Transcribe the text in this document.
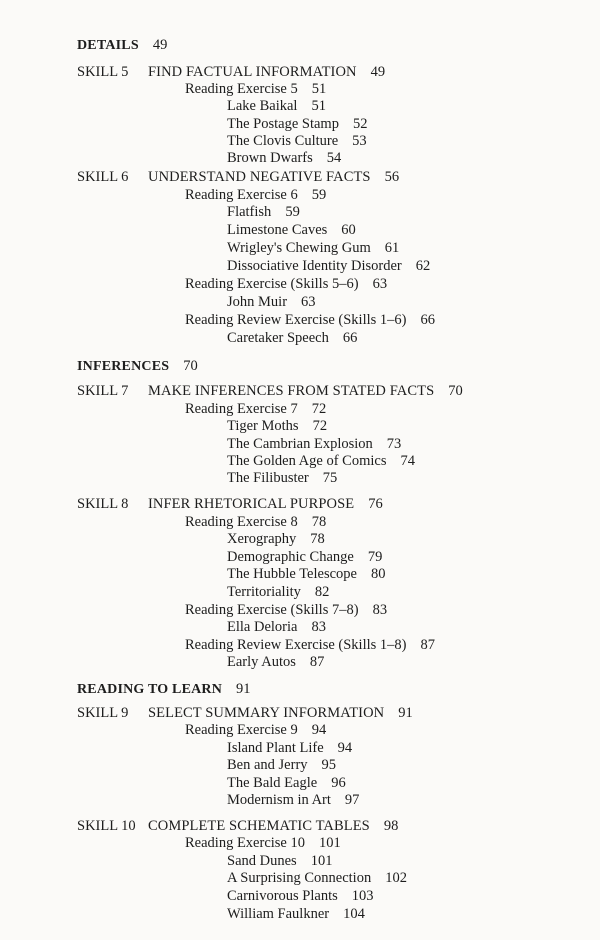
DETAILS 49
SKILL 5 FIND FACTUAL INFORMATION 49
Reading Exercise 5 51
Lake Baikal 51
The Postage Stamp 52
The Clovis Culture 53
Brown Dwarfs 54
SKILL 6 UNDERSTAND NEGATIVE FACTS 56
Reading Exercise 6 59
Flatfish 59
Limestone Caves 60
Wrigley's Chewing Gum 61
Dissociative Identity Disorder 62
Reading Exercise (Skills 5–6) 63
John Muir 63
Reading Review Exercise (Skills 1–6) 66
Caretaker Speech 66
INFERENCES 70
SKILL 7 MAKE INFERENCES FROM STATED FACTS 70
Reading Exercise 7 72
Tiger Moths 72
The Cambrian Explosion 73
The Golden Age of Comics 74
The Filibuster 75
SKILL 8 INFER RHETORICAL PURPOSE 76
Reading Exercise 8 78
Xerography 78
Demographic Change 79
The Hubble Telescope 80
Territoriality 82
Reading Exercise (Skills 7–8) 83
Ella Deloria 83
Reading Review Exercise (Skills 1–8) 87
Early Autos 87
READING TO LEARN 91
SKILL 9 SELECT SUMMARY INFORMATION 91
Reading Exercise 9 94
Island Plant Life 94
Ben and Jerry 95
The Bald Eagle 96
Modernism in Art 97
SKILL 10 COMPLETE SCHEMATIC TABLES 98
Reading Exercise 10 101
Sand Dunes 101
A Surprising Connection 102
Carnivorous Plants 103
William Faulkner 104
